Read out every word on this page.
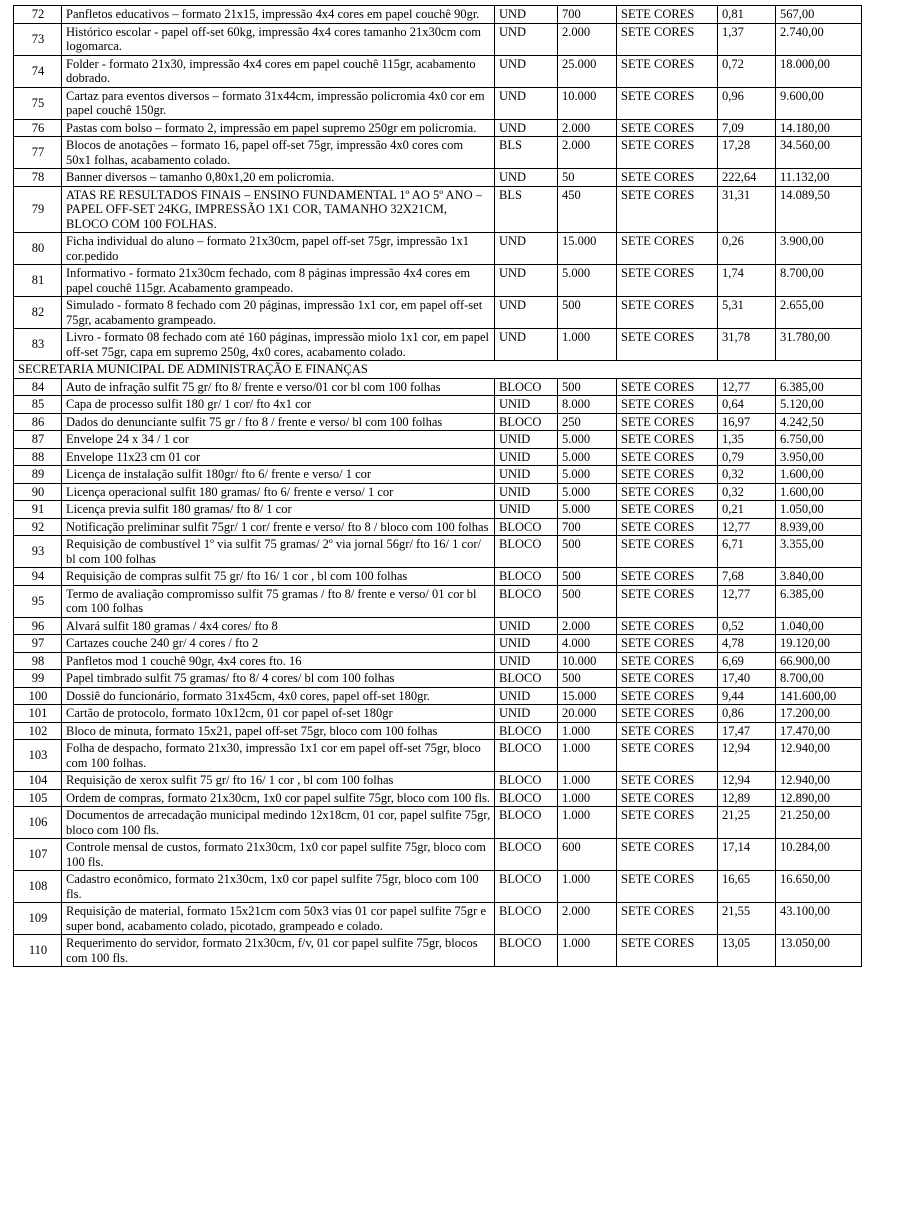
72	Panfletos educativos – formato 21x15, impressão 4x4 cores em papel couchê 90gr.	UND	700	SETE CORES	0,81	567,00
73	Histórico escolar - papel off-set 60kg, impressão 4x4 cores tamanho 21x30cm com logomarca.	UND	2.000	SETE CORES	1,37	2.740,00
74	Folder - formato 21x30, impressão 4x4 cores em papel couchê 115gr, acabamento dobrado.	UND	25.000	SETE CORES	0,72	18.000,00
75	Cartaz para eventos diversos – formato 31x44cm, impressão policromia 4x0 cor em papel couchê 150gr.	UND	10.000	SETE CORES	0,96	9.600,00
76	Pastas com bolso – formato 2, impressão em papel supremo 250gr em policromia.	UND	2.000	SETE CORES	7,09	14.180,00
77	Blocos de anotações – formato 16, papel off-set 75gr, impressão 4x0 cores com 50x1 folhas, acabamento colado.	BLS	2.000	SETE CORES	17,28	34.560,00
78	Banner diversos – tamanho 0,80x1,20 em policromia.	UND	50	SETE CORES	222,64	11.132,00
79	ATAS RE RESULTADOS FINAIS – ENSINO FUNDAMENTAL 1º AO 5º ANO – PAPEL OFF-SET 24KG, IMPRESSÃO 1X1 COR, TAMANHO 32X21CM, BLOCO COM 100 FOLHAS.	BLS	450	SETE CORES	31,31	14.089,50
80	Ficha individual do aluno – formato 21x30cm, papel off-set 75gr, impressão 1x1 cor.pedido	UND	15.000	SETE CORES	0,26	3.900,00
81	Informativo - formato 21x30cm fechado, com 8 páginas impressão 4x4 cores em papel couchê 115gr. Acabamento grampeado.	UND	5.000	SETE CORES	1,74	8.700,00
82	Simulado - formato 8 fechado com 20 páginas, impressão 1x1 cor, em papel off-set 75gr, acabamento grampeado.	UND	500	SETE CORES	5,31	2.655,00
83	Livro - formato 08 fechado com até 160 páginas, impressão miolo 1x1 cor, em papel off-set 75gr, capa em supremo 250g, 4x0 cores, acabamento colado.	UND	1.000	SETE CORES	31,78	31.780,00
SECRETARIA MUNICIPAL DE ADMINISTRAÇÃO E FINANÇAS						
84	Auto de infração sulfit 75 gr/ fto 8/ frente e verso/01 cor bl com 100 folhas	BLOCO	500	SETE CORES	12,77	6.385,00
85	Capa de processo sulfit 180 gr/ 1 cor/ fto 4x1 cor	UNID	8.000	SETE CORES	0,64	5.120,00
86	Dados do denunciante sulfit 75 gr / fto 8 / frente e verso/ bl com 100 folhas	BLOCO	250	SETE CORES	16,97	4.242,50
87	Envelope 24 x 34 / 1 cor	UNID	5.000	SETE CORES	1,35	6.750,00
88	Envelope 11x23 cm 01 cor	UNID	5.000	SETE CORES	0,79	3.950,00
89	Licença de instalação sulfit 180gr/ fto 6/ frente e verso/ 1 cor	UNID	5.000	SETE CORES	0,32	1.600,00
90	Licença operacional sulfit 180 gramas/ fto 6/ frente e verso/ 1 cor	UNID	5.000	SETE CORES	0,32	1.600,00
91	Licença previa sulfit 180 gramas/ fto 8/ 1 cor	UNID	5.000	SETE CORES	0,21	1.050,00
92	Notificação preliminar sulfit 75gr/ 1 cor/ frente e verso/ fto 8 / bloco com 100 folhas	BLOCO	700	SETE CORES	12,77	8.939,00
93	Requisição de combustível 1º via sulfit 75 gramas/ 2º via jornal 56gr/ fto 16/ 1 cor/ bl com 100 folhas	BLOCO	500	SETE CORES	6,71	3.355,00
94	Requisição de compras sulfit 75 gr/ fto 16/ 1 cor , bl com 100 folhas	BLOCO	500	SETE CORES	7,68	3.840,00
95	Termo de avaliação compromisso sulfit 75 gramas / fto 8/ frente e verso/ 01 cor bl com 100 folhas	BLOCO	500	SETE CORES	12,77	6.385,00
96	Alvará sulfit 180 gramas / 4x4 cores/ fto 8	UNID	2.000	SETE CORES	0,52	1.040,00
97	Cartazes couche 240 gr/ 4 cores / fto 2	UNID	4.000	SETE CORES	4,78	19.120,00
98	Panfletos mod 1 couchê 90gr, 4x4 cores fto. 16	UNID	10.000	SETE CORES	6,69	66.900,00
99	Papel timbrado sulfit 75 gramas/ fto 8/ 4 cores/ bl com 100 folhas	BLOCO	500	SETE CORES	17,40	8.700,00
100	Dossiê do funcionário, formato 31x45cm, 4x0 cores, papel off-set 180gr.	UNID	15.000	SETE CORES	9,44	141.600,00
101	Cartão de protocolo, formato 10x12cm, 01 cor papel of-set 180gr	UNID	20.000	SETE CORES	0,86	17.200,00
102	Bloco de minuta, formato 15x21, papel off-set 75gr, bloco com 100 folhas	BLOCO	1.000	SETE CORES	17,47	17.470,00
103	Folha de despacho, formato 21x30, impressão 1x1 cor em papel off-set 75gr, bloco com 100 folhas.	BLOCO	1.000	SETE CORES	12,94	12.940,00
104	Requisição de xerox sulfit 75 gr/ fto 16/ 1 cor , bl com 100 folhas	BLOCO	1.000	SETE CORES	12,94	12.940,00
105	Ordem de compras, formato 21x30cm, 1x0 cor papel sulfite 75gr, bloco com 100 fls.	BLOCO	1.000	SETE CORES	12,89	12.890,00
106	Documentos de arrecadação municipal medindo 12x18cm, 01 cor, papel sulfite 75gr, bloco com 100 fls.	BLOCO	1.000	SETE CORES	21,25	21.250,00
107	Controle mensal de custos, formato 21x30cm, 1x0 cor papel sulfite 75gr, bloco com 100 fls.	BLOCO	600	SETE CORES	17,14	10.284,00
108	Cadastro econômico, formato 21x30cm, 1x0 cor papel sulfite 75gr, bloco com 100 fls.	BLOCO	1.000	SETE CORES	16,65	16.650,00
109	Requisição de material, formato 15x21cm com 50x3 vias 01 cor papel sulfite 75gr e super bond, acabamento colado, picotado, grampeado e colado.	BLOCO	2.000	SETE CORES	21,55	43.100,00
110	Requerimento do servidor, formato 21x30cm, f/v, 01 cor papel sulfite 75gr, blocos com 100 fls.	BLOCO	1.000	SETE CORES	13,05	13.050,00
